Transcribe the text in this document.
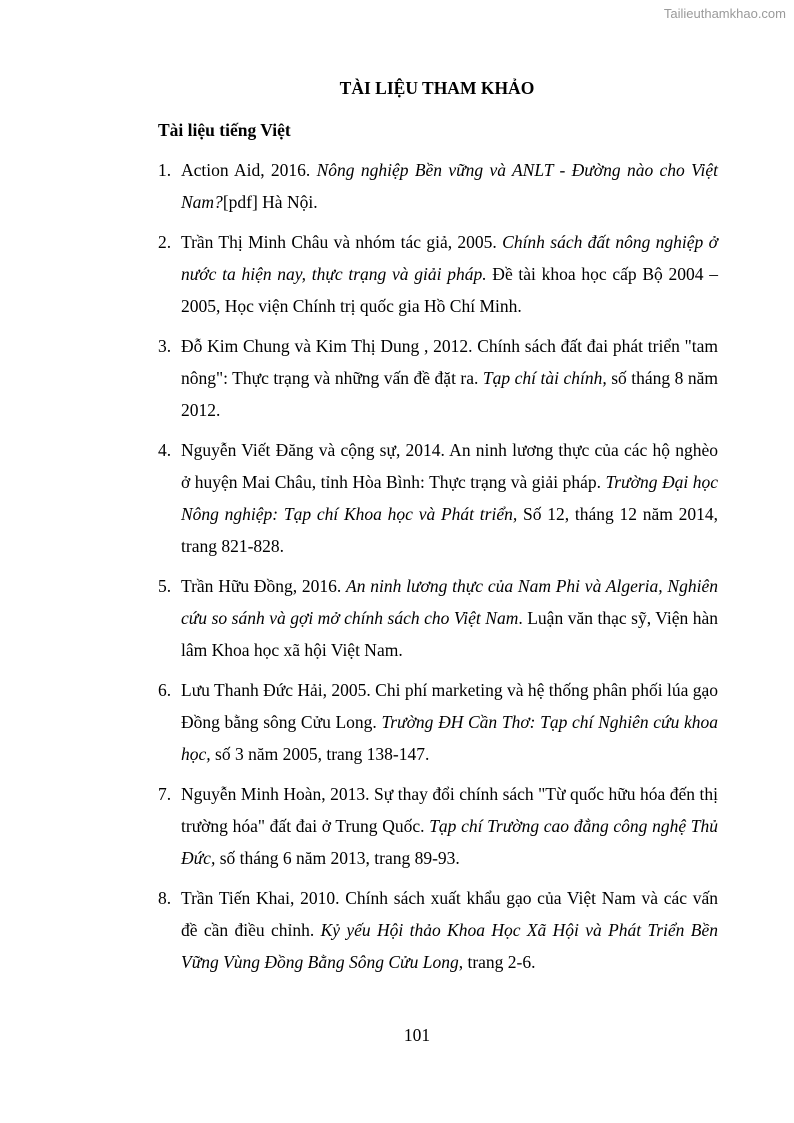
Tailieuthamkhao.com
TÀI LIỆU THAM KHẢO
Tài liệu tiếng Việt
1. Action Aid, 2016. Nông nghiệp Bền vững và ANLT - Đường nào cho Việt Nam?[pdf] Hà Nội.
2. Trần Thị Minh Châu và nhóm tác giả, 2005. Chính sách đất nông nghiệp ở nước ta hiện nay, thực trạng và giải pháp. Đề tài khoa học cấp Bộ 2004 – 2005, Học viện Chính trị quốc gia Hồ Chí Minh.
3. Đỗ Kim Chung và Kim Thị Dung , 2012. Chính sách đất đai phát triển "tam nông": Thực trạng và những vấn đề đặt ra. Tạp chí tài chính, số tháng 8 năm 2012.
4. Nguyễn Viết Đăng và cộng sự, 2014. An ninh lương thực của các hộ nghèo ở huyện Mai Châu, tỉnh Hòa Bình: Thực trạng và giải pháp. Trường Đại học Nông nghiệp: Tạp chí Khoa học và Phát triển, Số 12, tháng 12 năm 2014, trang 821-828.
5. Trần Hữu Đồng, 2016. An ninh lương thực của Nam Phi và Algeria, Nghiên cứu so sánh và gợi mở chính sách cho Việt Nam. Luận văn thạc sỹ, Viện hàn lâm Khoa học xã hội Việt Nam.
6. Lưu Thanh Đức Hải, 2005. Chi phí marketing và hệ thống phân phối lúa gạo Đồng bằng sông Cửu Long. Trường ĐH Cần Thơ: Tạp chí Nghiên cứu khoa học, số 3 năm 2005, trang 138-147.
7. Nguyễn Minh Hoàn, 2013. Sự thay đổi chính sách "Từ quốc hữu hóa đến thị trường hóa" đất đai ở Trung Quốc. Tạp chí Trường cao đẳng công nghệ Thủ Đức, số tháng 6 năm 2013, trang 89-93.
8. Trần Tiến Khai, 2010. Chính sách xuất khẩu gạo của Việt Nam và các vấn đề cần điều chỉnh. Kỷ yếu Hội thảo Khoa Học Xã Hội và Phát Triển Bền Vững Vùng Đồng Bằng Sông Cửu Long, trang 2-6.
101
